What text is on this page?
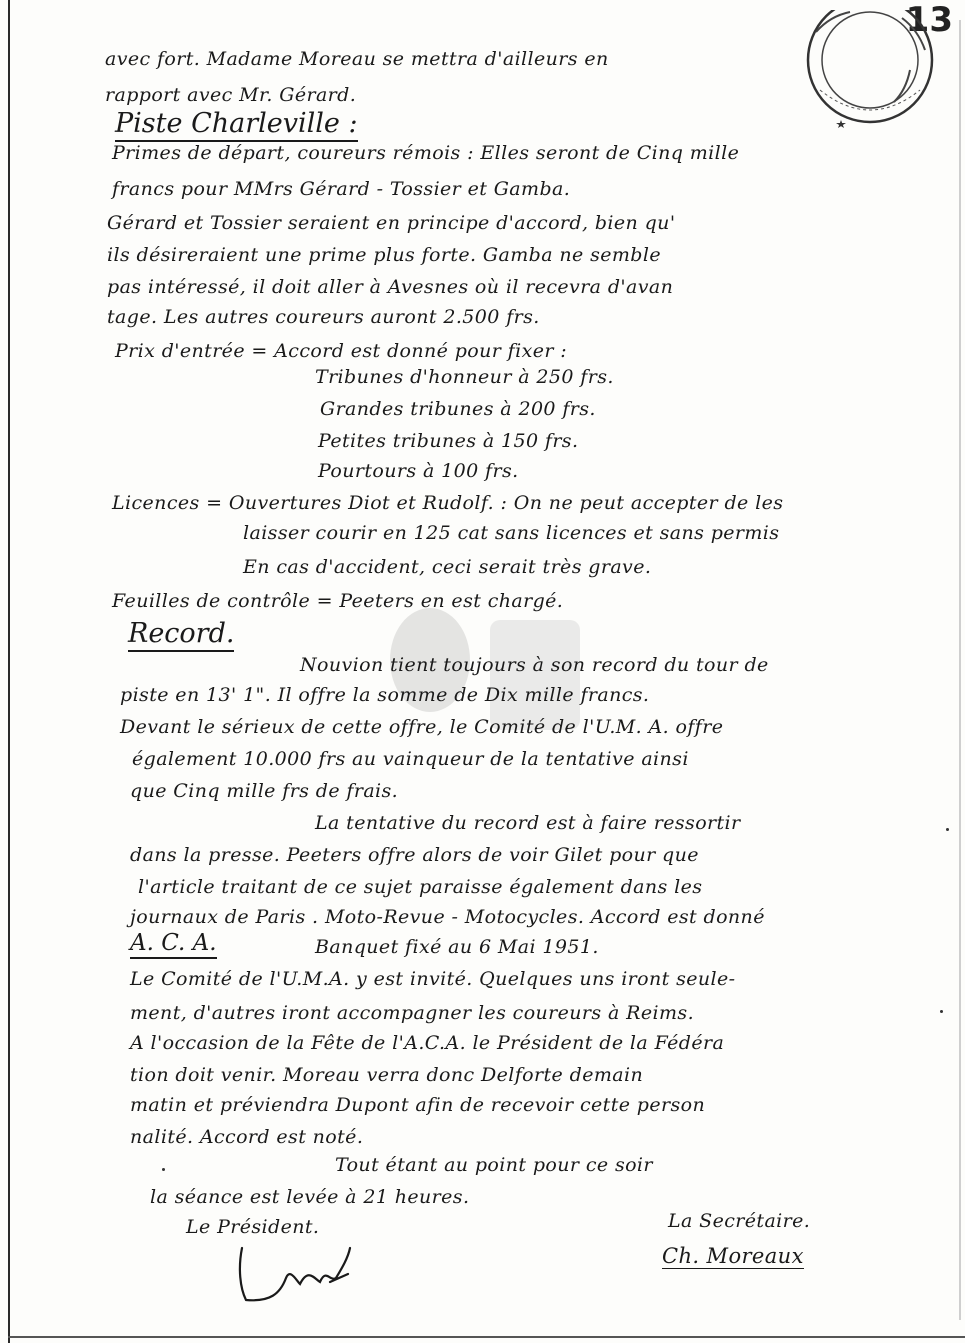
13
avec fort. Madame Moreau se mettra d'ailleurs en
rapport avec Mr. Gérard.
Piste Charleville :
Primes de départ, coureurs rémois : Elles seront de Cinq mille
francs pour MMrs Gérard - Tossier et Gamba.
Gérard et Tossier seraient en principe d'accord, bien qu'
ils désireraient une prime plus forte. Gamba ne semble
pas intéressé, il doit aller à Avesnes où il recevra d'avan
tage. Les autres coureurs auront 2.500 frs.
Prix d'entrée = Accord est donné pour fixer :
Tribunes d'honneur à 250 frs.
Grandes tribunes à 200 frs.
Petites tribunes à 150 frs.
Pourtours à 100 frs.
Licences = Ouvertures Diot et Rudolf. : On ne peut accepter de les
laisser courir en 125 cat sans licences et sans permis
En cas d'accident, ceci serait très grave.
Feuilles de contrôle = Peeters en est chargé.
Record.
Nouvion tient toujours à son record du tour de
piste en 13' 1". Il offre la somme de Dix mille francs.
Devant le sérieux de cette offre, le Comité de l'U.M. A. offre
également 10.000 frs au vainqueur de la tentative ainsi
que Cinq mille frs de frais.
La tentative du record est à faire ressortir
dans la presse. Peeters offre alors de voir Gilet pour que
l'article traitant de ce sujet paraisse également dans les
journaux de Paris . Moto-Revue - Motocycles. Accord est donné
A. C. A.	Banquet fixé au 6 Mai 1951.
Le Comité de l'U.M.A. y est invité. Quelques uns iront seule-
ment, d'autres iront accompagner les coureurs à Reims.
A l'occasion de la Fête de l'A.C.A. le Président de la Fédéra
tion doit venir. Moreau verra donc Delforte demain
matin et préviendra Dupont afin de recevoir cette person
nalité. Accord est noté.
Tout étant au point pour ce soir
la séance est levée à 21 heures.
Le Président.	La Secrétaire.
Ch. Moreaux
